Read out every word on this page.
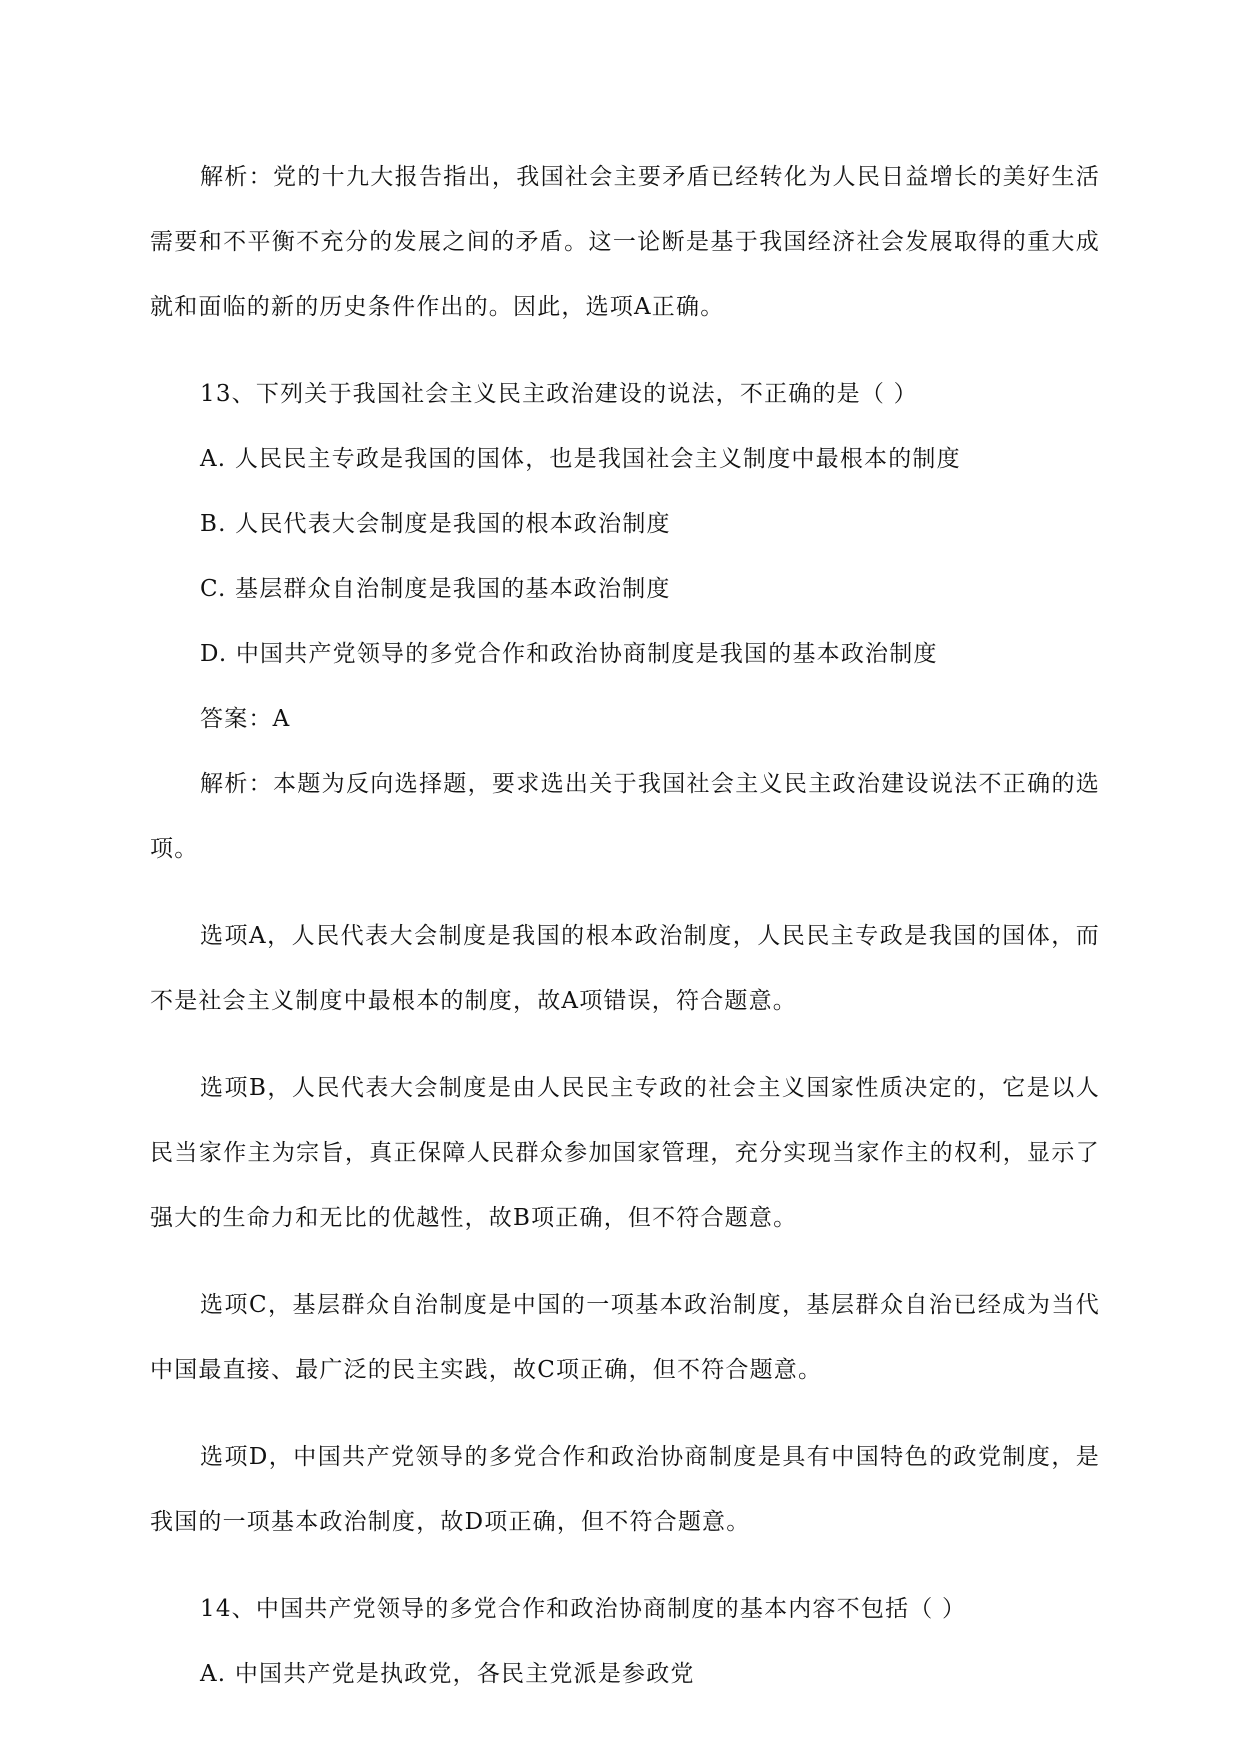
解析：党的十九大报告指出，我国社会主要矛盾已经转化为人民日益增长的美好生活需要和不平衡不充分的发展之间的矛盾。这一论断是基于我国经济社会发展取得的重大成就和面临的新的历史条件作出的。因此，选项A正确。

13、下列关于我国社会主义民主政治建设的说法，不正确的是（ ）

A. 人民民主专政是我国的国体，也是我国社会主义制度中最根本的制度

B. 人民代表大会制度是我国的根本政治制度

C. 基层群众自治制度是我国的基本政治制度

D. 中国共产党领导的多党合作和政治协商制度是我国的基本政治制度

答案：A

解析：本题为反向选择题，要求选出关于我国社会主义民主政治建设说法不正确的选项。

选项A，人民代表大会制度是我国的根本政治制度，人民民主专政是我国的国体，而不是社会主义制度中最根本的制度，故A项错误，符合题意。

选项B，人民代表大会制度是由人民民主专政的社会主义国家性质决定的，它是以人民当家作主为宗旨，真正保障人民群众参加国家管理，充分实现当家作主的权利，显示了强大的生命力和无比的优越性，故B项正确，但不符合题意。

选项C，基层群众自治制度是中国的一项基本政治制度，基层群众自治已经成为当代中国最直接、最广泛的民主实践，故C项正确，但不符合题意。

选项D，中国共产党领导的多党合作和政治协商制度是具有中国特色的政党制度，是我国的一项基本政治制度，故D项正确，但不符合题意。

14、中国共产党领导的多党合作和政治协商制度的基本内容不包括（ ）

A. 中国共产党是执政党，各民主党派是参政党
